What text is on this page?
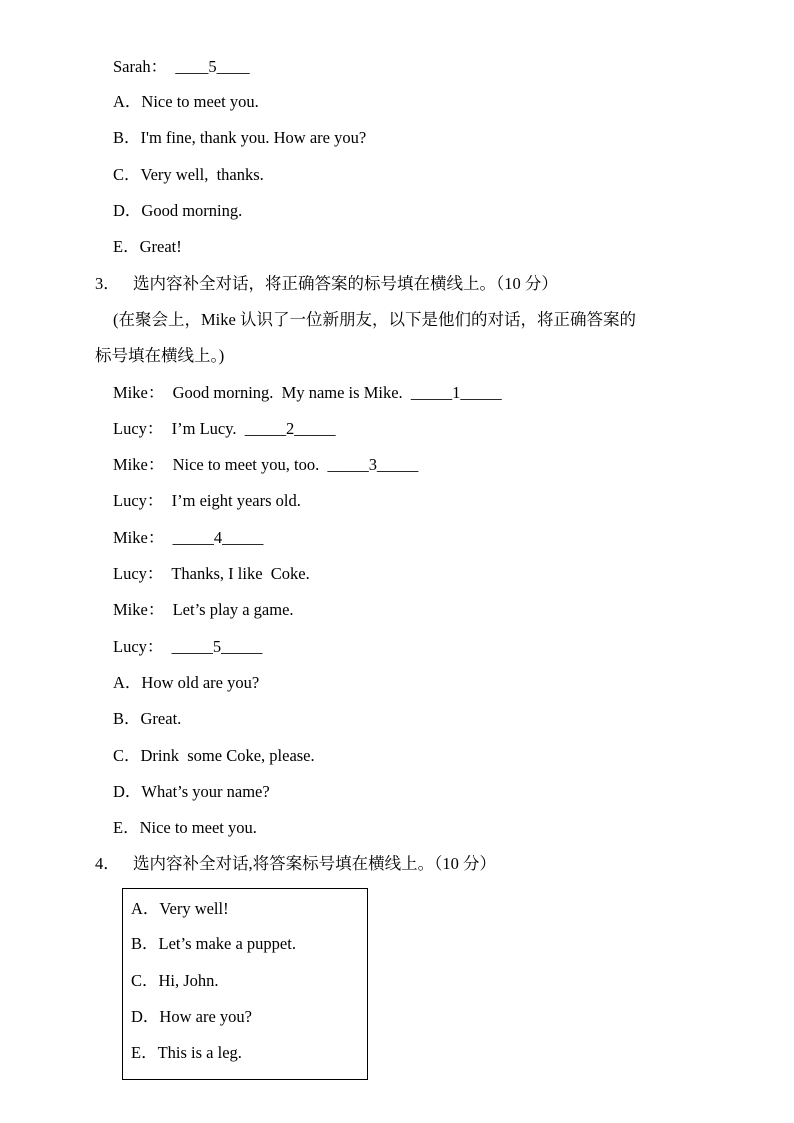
Sarah：  ____5____
A．Nice to meet you.
B．I'm fine, thank you. How are you?
C．Very well,  thanks.
D．Good morning.
E．Great!
3． 选内容补全对话，将正确答案的标号填在横线上。（10 分）
(在聚会上，Mike 认识了一位新朋友，以下是他们的对话，将正确答案的
标号填在横线上。)
Mike：  Good morning.  My name is Mike.  _____1_____
Lucy：  I’m Lucy.  _____2_____
Mike：  Nice to meet you, too.  _____3_____
Lucy：  I’m eight years old.
Mike：  _____4_____
Lucy：  Thanks, I like  Coke.
Mike：  Let’s play a game.
Lucy：  _____5_____
A．How old are you?
B．Great.
C．Drink  some Coke, please.
D．What’s your name?
E．Nice to meet you.
4． 选内容补全对话,将答案标号填在横线上。（10 分）
A．Very well!
B．Let’s make a puppet.
C．Hi, John.
D．How are you?
E．This is a leg.
